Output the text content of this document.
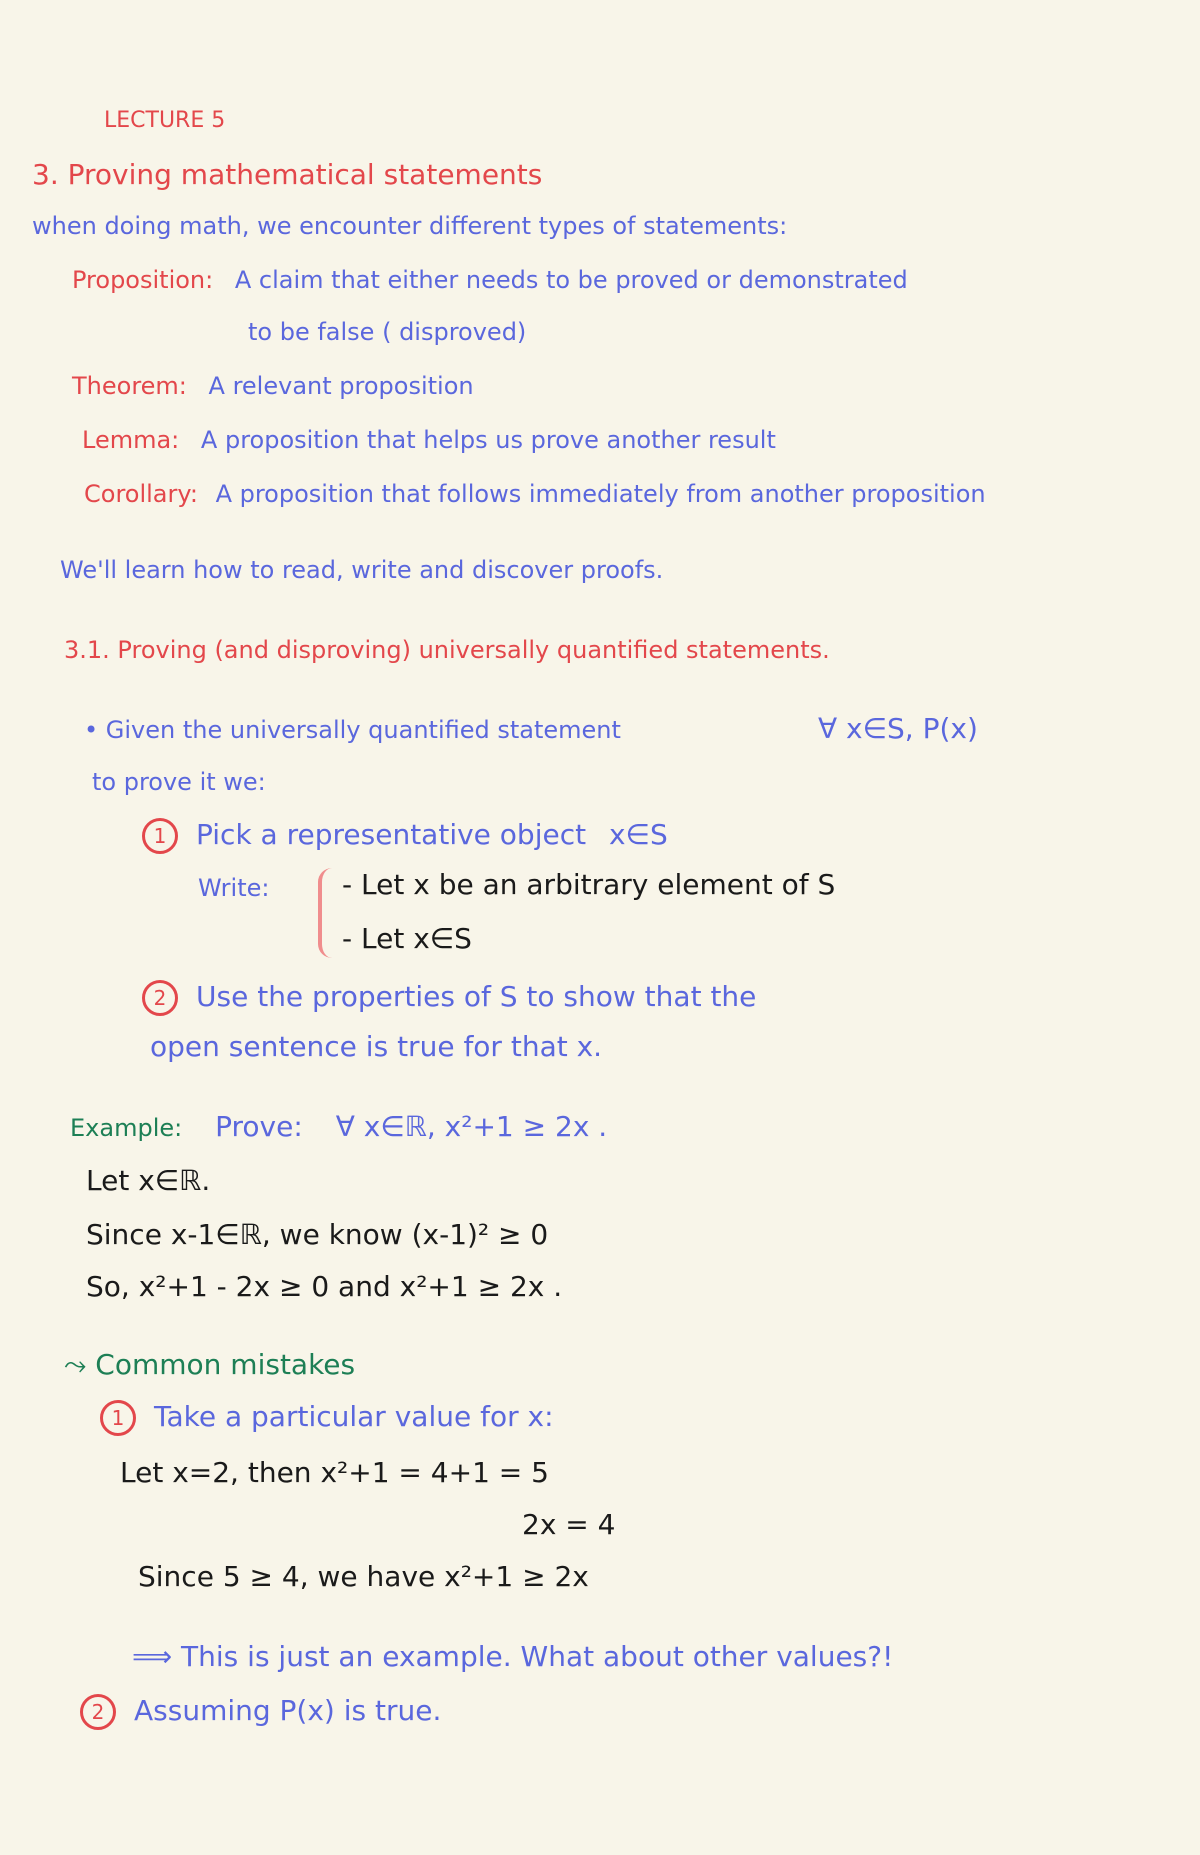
LECTURE 5
3. Proving mathematical statements
when doing math, we encounter different types of statements:
Proposition: A claim that either needs to be proved or demonstrated
to be false ( disproved)
Theorem: A relevant proposition
Lemma: A proposition that helps us prove another result
Corollary: A proposition that follows immediately from another proposition
We'll learn how to read, write and discover proofs.
3.1. Proving (and disproving) universally quantified statements.
• Given the universally quantified statement	∀ x∈S, P(x)
to prove it we:
1 Pick a representative object x∈S
Write:	- Let x be an arbitrary element of S
- Let x∈S
2 Use the properties of S to show that the
open sentence is true for that x.
Example: Prove: ∀ x∈ℝ, x²+1 ≥ 2x .
Let x∈ℝ.
Since x-1∈ℝ, we know (x-1)² ≥ 0
So, x²+1 - 2x ≥ 0 and x²+1 ≥ 2x .
⤳ Common mistakes
1 Take a particular value for x:
Let x=2, then x²+1 = 4+1 = 5
2x = 4
Since 5 ≥ 4, we have x²+1 ≥ 2x
⟹ This is just an example. What about other values?!
2 Assuming P(x) is true.
